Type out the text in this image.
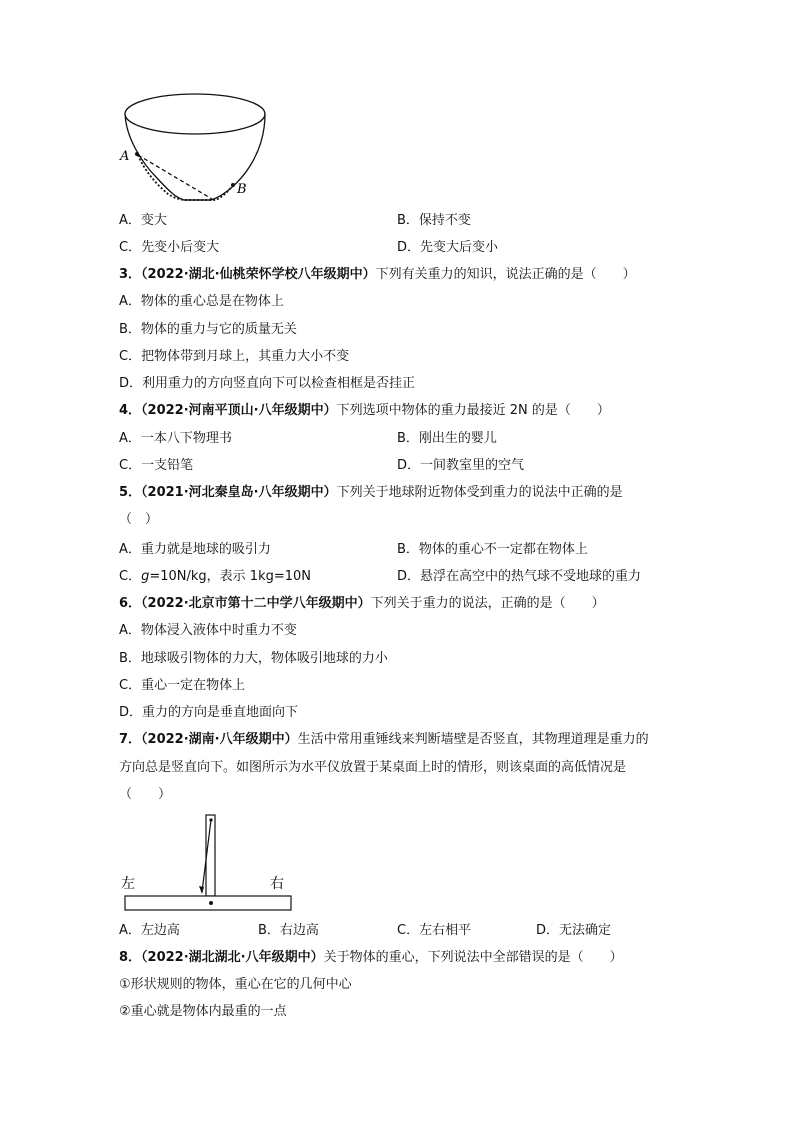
A
B
A．变大	B．保持不变
C．先变小后变大	D．先变大后变小
3．（2022·湖北·仙桃荣怀学校八年级期中）下列有关重力的知识，说法正确的是（　　）
A．物体的重心总是在物体上
B．物体的重力与它的质量无关
C．把物体带到月球上，其重力大小不变
D．利用重力的方向竖直向下可以检查相框是否挂正
4．（2022·河南平顶山·八年级期中）下列选项中物体的重力最接近 2N 的是（　　）
A．一本八下物理书	B．刚出生的婴儿
C．一支铅笔	D．一间教室里的空气
5．（2021·河北秦皇岛·八年级期中）下列关于地球附近物体受到重力的说法中正确的是
（　）
A．重力就是地球的吸引力	B．物体的重心不一定都在物体上
C．g=10N/kg，表示 1kg=10N	D．悬浮在高空中的热气球不受地球的重力
6．（2022·北京市第十二中学八年级期中）下列关于重力的说法，正确的是（　　）
A．物体浸入液体中时重力不变
B．地球吸引物体的力大，物体吸引地球的力小
C．重心一定在物体上
D．重力的方向是垂直地面向下
7．（2022·湖南·八年级期中）生活中常用重锤线来判断墙壁是否竖直，其物理道理是重力的
方向总是竖直向下。如图所示为水平仪放置于某桌面上时的情形，则该桌面的高低情况是
（　　）
左	右
A．左边高	B．右边高	C．左右相平	D．无法确定
8．（2022·湖北湖北·八年级期中）关于物体的重心，下列说法中全部错误的是（　　）
①形状规则的物体，重心在它的几何中心
②重心就是物体内最重的一点
